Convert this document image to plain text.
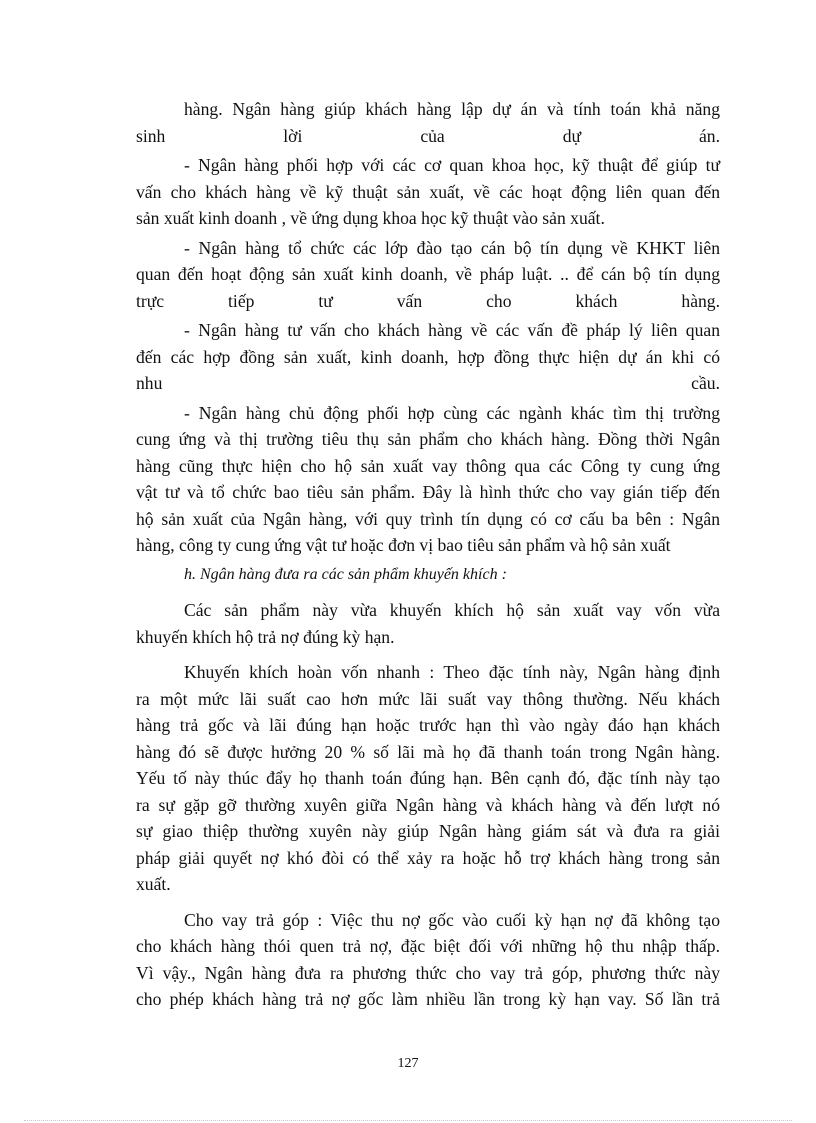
hàng. Ngân hàng giúp khách hàng lập dự án và tính toán khả năng
sinh lời của dự án.
- Ngân hàng phối hợp với các cơ quan khoa học, kỹ thuật để giúp tư
vấn cho khách hàng về kỹ thuật sản xuất, về các hoạt động liên quan đến
sản xuất kinh doanh , về ứng dụng khoa học kỹ thuật vào sản xuất.
- Ngân hàng tổ chức các lớp đào tạo cán bộ tín dụng về KHKT liên
quan đến hoạt động sản xuất kinh doanh, về pháp luật. .. để cán bộ tín dụng
trực tiếp tư vấn cho khách hàng.
- Ngân hàng tư vấn cho khách hàng về các vấn đề pháp lý liên quan
đến các hợp đồng sản xuất, kinh doanh, hợp đồng thực hiện dự án khi có
nhu cầu.
- Ngân hàng chủ động phối hợp cùng các ngành khác tìm thị trường
cung ứng và thị trường tiêu thụ sản phẩm cho khách hàng. Đồng thời Ngân
hàng cũng thực hiện cho hộ sản xuất vay thông qua các Công ty cung ứng
vật tư và tổ chức bao tiêu sản phẩm. Đây là hình thức cho vay gián tiếp đến
hộ sản xuất của Ngân hàng, với quy trình tín dụng có cơ cấu ba bên : Ngân
hàng, công ty cung ứng vật tư hoặc đơn vị bao tiêu sản phẩm và hộ sản xuất
h. Ngân hàng đưa ra các sản phẩm khuyến khích :
Các sản phẩm này vừa khuyến khích hộ sản xuất vay vốn vừa
khuyến khích hộ trả nợ đúng kỳ hạn.
Khuyến khích hoàn vốn nhanh : Theo đặc tính này, Ngân hàng định
ra một mức lãi suất cao hơn mức lãi suất vay thông thường. Nếu khách
hàng trả gốc và lãi đúng hạn hoặc trước hạn thì vào ngày đáo hạn khách
hàng đó sẽ được hưởng 20 % số lãi mà họ đã thanh toán trong Ngân hàng.
Yếu tố này thúc đẩy họ thanh toán đúng hạn. Bên cạnh đó, đặc tính này tạo
ra sự gặp gỡ thường xuyên giữa Ngân hàng và khách hàng và đến lượt nó
sự giao thiệp thường xuyên này giúp Ngân hàng giám sát và đưa ra giải
pháp giải quyết nợ khó đòi có thể xảy ra hoặc hỗ trợ khách hàng trong sản
xuất.
Cho vay trả góp : Việc thu nợ gốc vào cuối kỳ hạn nợ đã không tạo
cho khách hàng thói quen trả nợ, đặc biệt đối với những hộ thu nhập thấp.
Vì vậy., Ngân hàng đưa ra phương thức cho vay trả góp, phương thức này
cho phép khách hàng trả nợ gốc làm nhiều lần trong kỳ hạn vay. Số lần trả
127
